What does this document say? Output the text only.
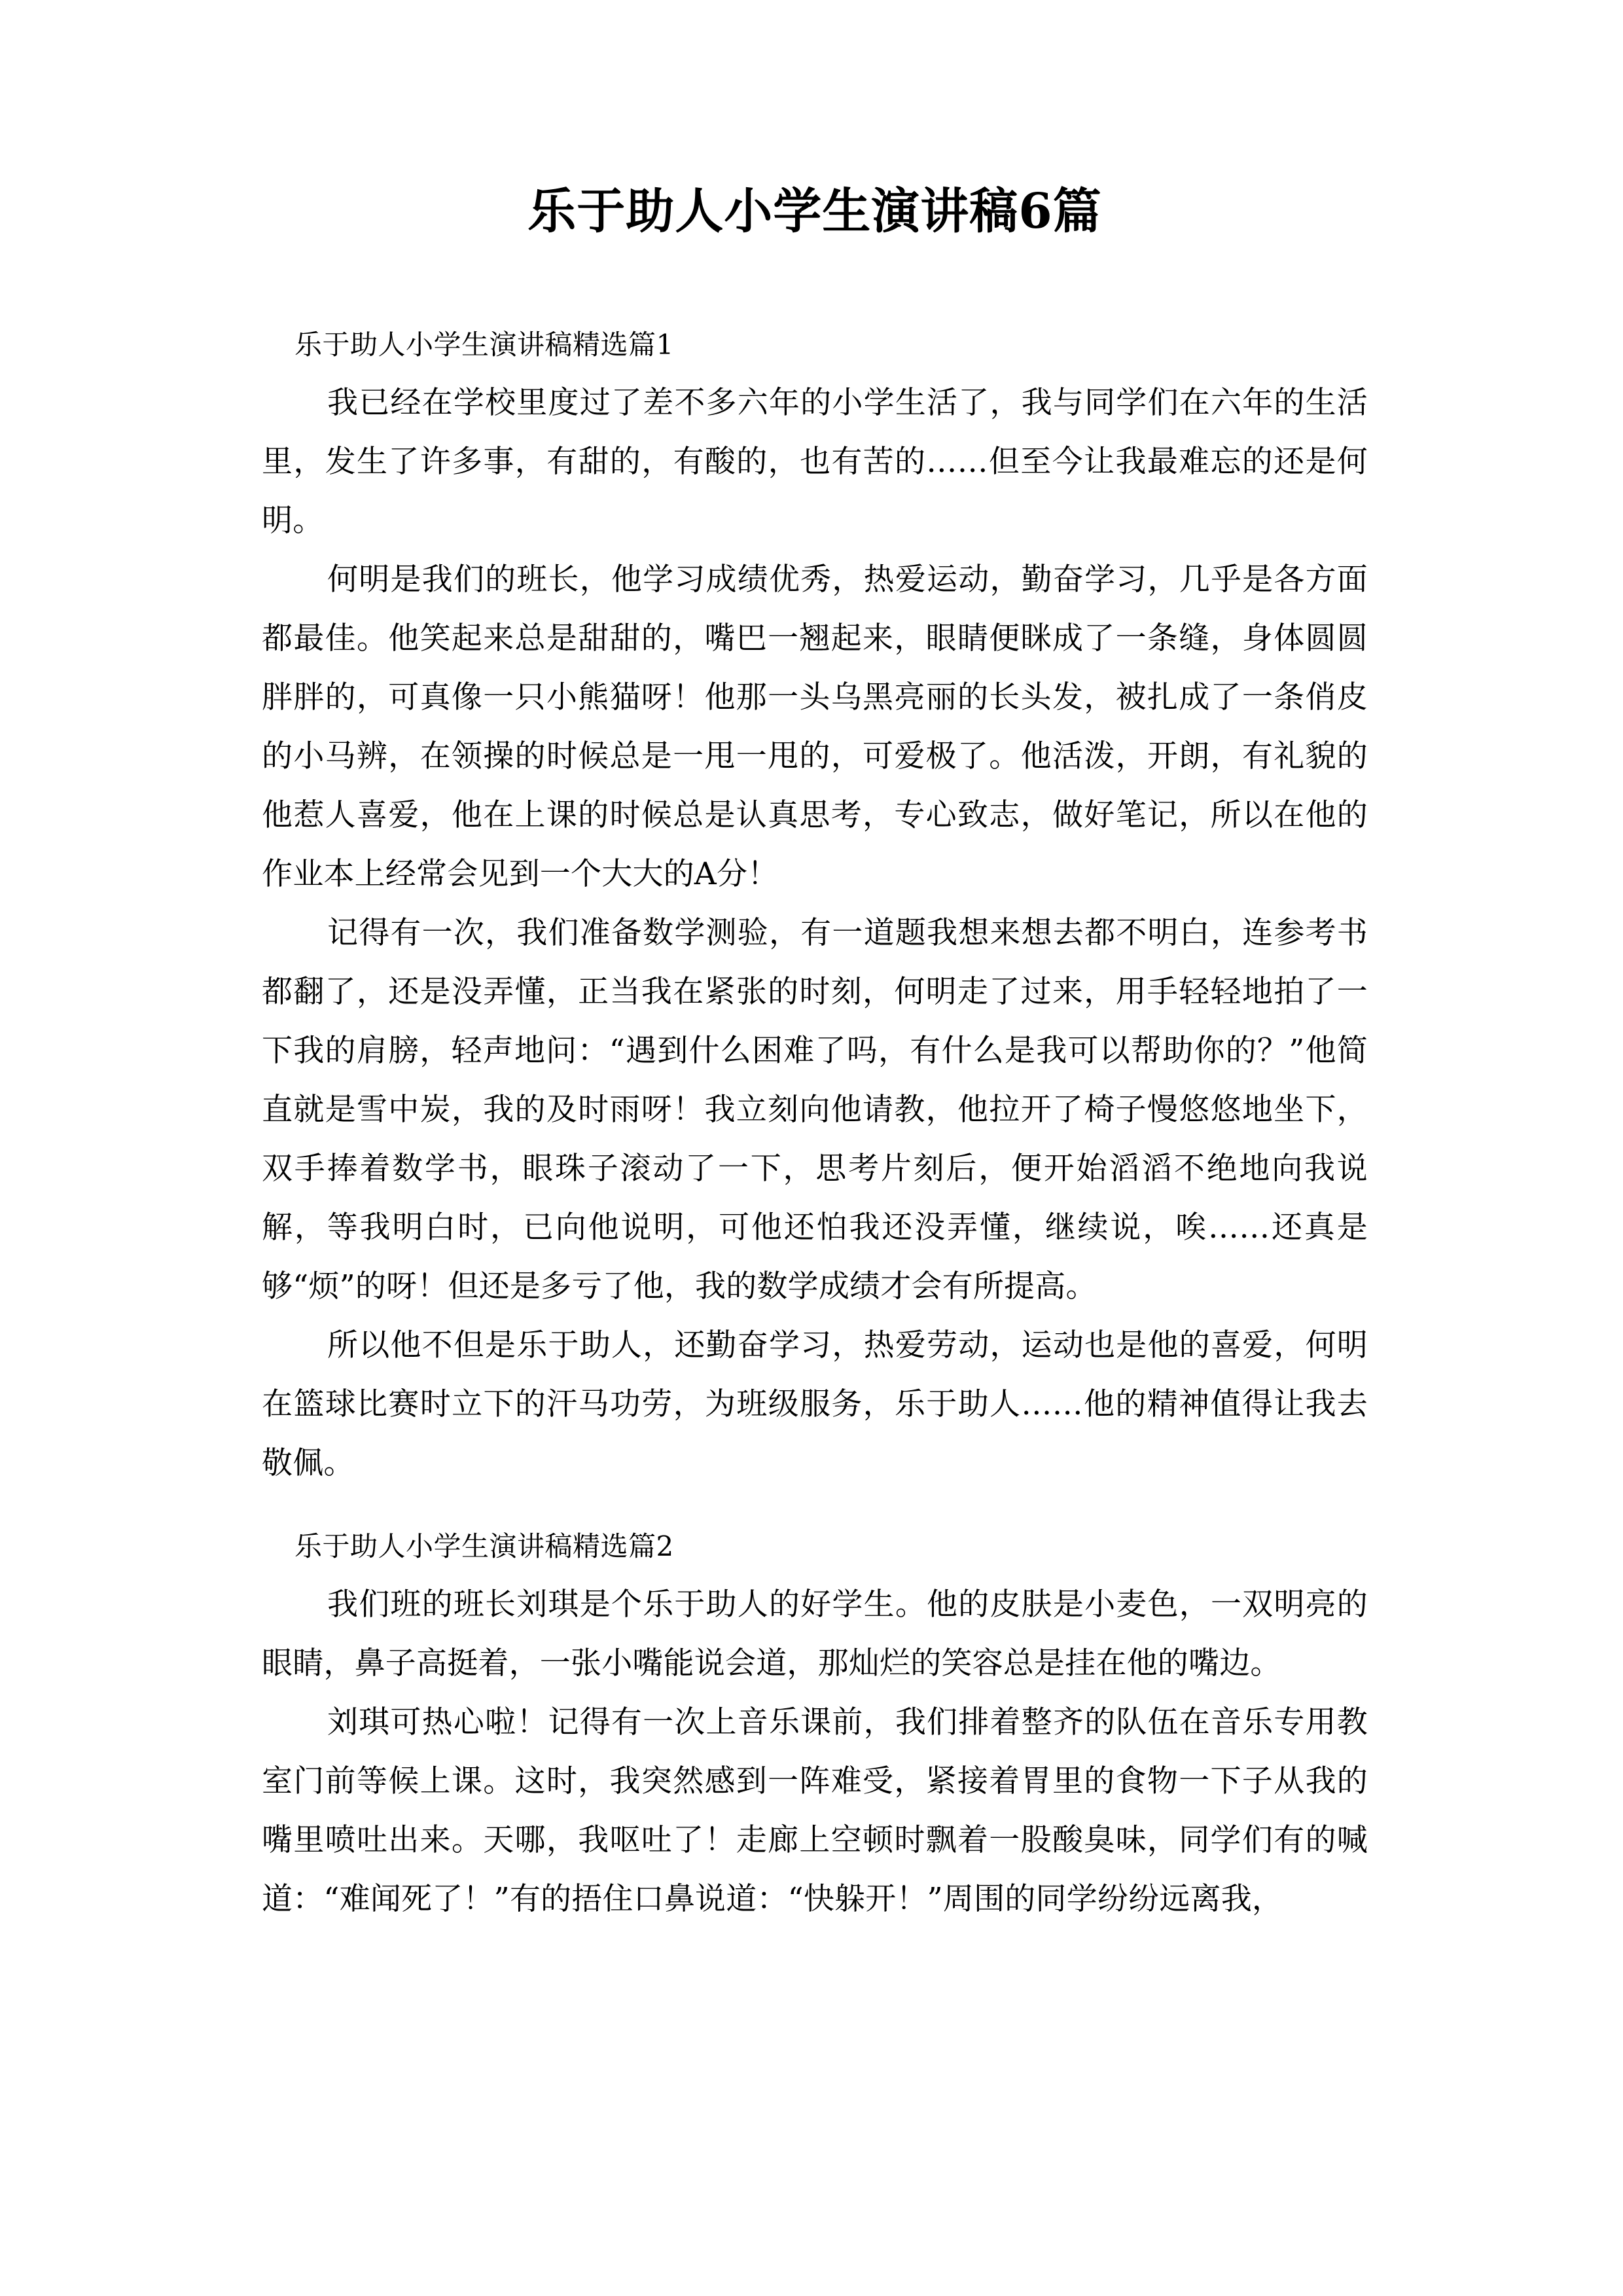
乐于助人小学生演讲稿6篇

乐于助人小学生演讲稿精选篇1

我已经在学校里度过了差不多六年的小学生活了，我与同学们在六年的生活里，发生了许多事，有甜的，有酸的，也有苦的……但至今让我最难忘的还是何明。

何明是我们的班长，他学习成绩优秀，热爱运动，勤奋学习，几乎是各方面都最佳。他笑起来总是甜甜的，嘴巴一翘起来，眼睛便眯成了一条缝，身体圆圆胖胖的，可真像一只小熊猫呀！他那一头乌黑亮丽的长头发，被扎成了一条俏皮的小马辨，在领操的时候总是一甩一甩的，可爱极了。他活泼，开朗，有礼貌的他惹人喜爱，他在上课的时候总是认真思考，专心致志，做好笔记，所以在他的作业本上经常会见到一个大大的A分！

记得有一次，我们准备数学测验，有一道题我想来想去都不明白，连参考书都翻了，还是没弄懂，正当我在紧张的时刻，何明走了过来，用手轻轻地拍了一下我的肩膀，轻声地问：“遇到什么困难了吗，有什么是我可以帮助你的？”他简直就是雪中炭，我的及时雨呀！我立刻向他请教，他拉开了椅子慢悠悠地坐下，双手捧着数学书，眼珠子滚动了一下，思考片刻后，便开始滔滔不绝地向我说解，等我明白时，已向他说明，可他还怕我还没弄懂，继续说，唉……还真是够“烦”的呀！但还是多亏了他，我的数学成绩才会有所提高。

所以他不但是乐于助人，还勤奋学习，热爱劳动，运动也是他的喜爱，何明在篮球比赛时立下的汗马功劳，为班级服务，乐于助人……他的精神值得让我去敬佩。

乐于助人小学生演讲稿精选篇2

我们班的班长刘琪是个乐于助人的好学生。他的皮肤是小麦色，一双明亮的眼睛，鼻子高挺着，一张小嘴能说会道，那灿烂的笑容总是挂在他的嘴边。

刘琪可热心啦！记得有一次上音乐课前，我们排着整齐的队伍在音乐专用教室门前等候上课。这时，我突然感到一阵难受，紧接着胃里的食物一下子从我的嘴里喷吐出来。天哪，我呕吐了！走廊上空顿时飘着一股酸臭味，同学们有的喊道：“难闻死了！”有的捂住口鼻说道：“快躲开！”周围的同学纷纷远离我，
